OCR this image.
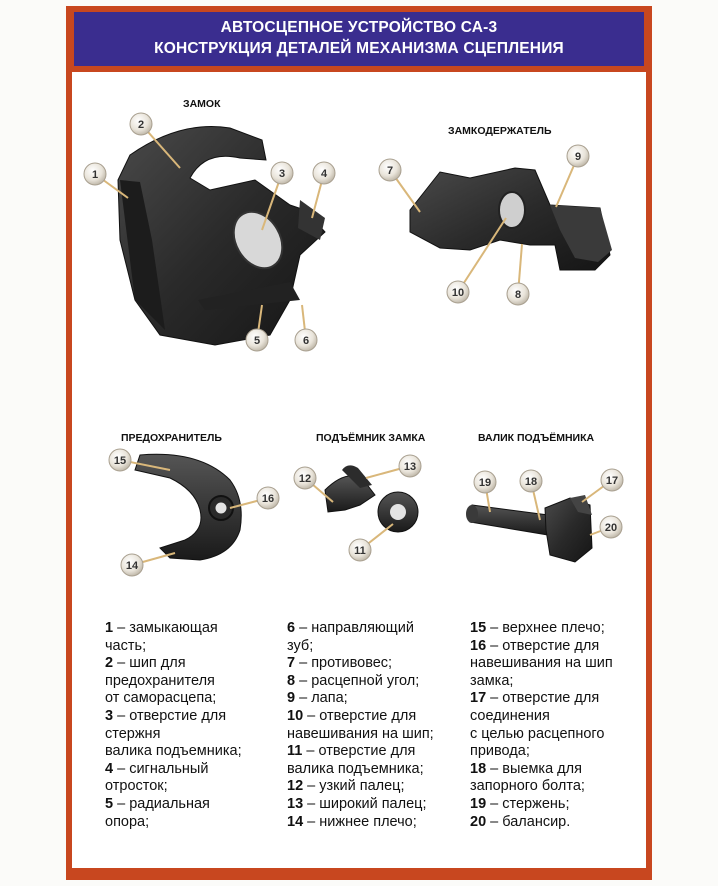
АВТОСЦЕПНОЕ УСТРОЙСТВО СА-3
КОНСТРУКЦИЯ ДЕТАЛЕЙ МЕХАНИЗМА СЦЕПЛЕНИЯ
ЗАМОК
ЗАМКОДЕРЖАТЕЛЬ
ПРЕДОХРАНИТЕЛЬ	ПОДЪЁМНИК ЗАМКА	ВАЛИК ПОДЪЁМНИКА
1
2
3	4
5	6
7
8
9
10
11
12
13
14
15
16
17
18
19
20
1 – замыкающая
часть;
2 – шип для
предохранителя
от саморасцепа;
3 – отверстие для
стержня
валика подъемника;
4 – сигнальный
отросток;
5 – радиальная
опора;
6 – направляющий
зуб;
7 – противовес;
8 – расцепной угол;
9 – лапа;
10 – отверстие для
навешивания на шип;
11 – отверстие для
валика подъемника;
12 – узкий палец;
13 – широкий палец;
14 – нижнее плечо;
15 – верхнее плечо;
16 – отверстие для
навешивания на шип
замка;
17 – отверстие для
соединения
с целью расцепного
привода;
18 – выемка для
запорного болта;
19 – стержень;
20 – балансир.
